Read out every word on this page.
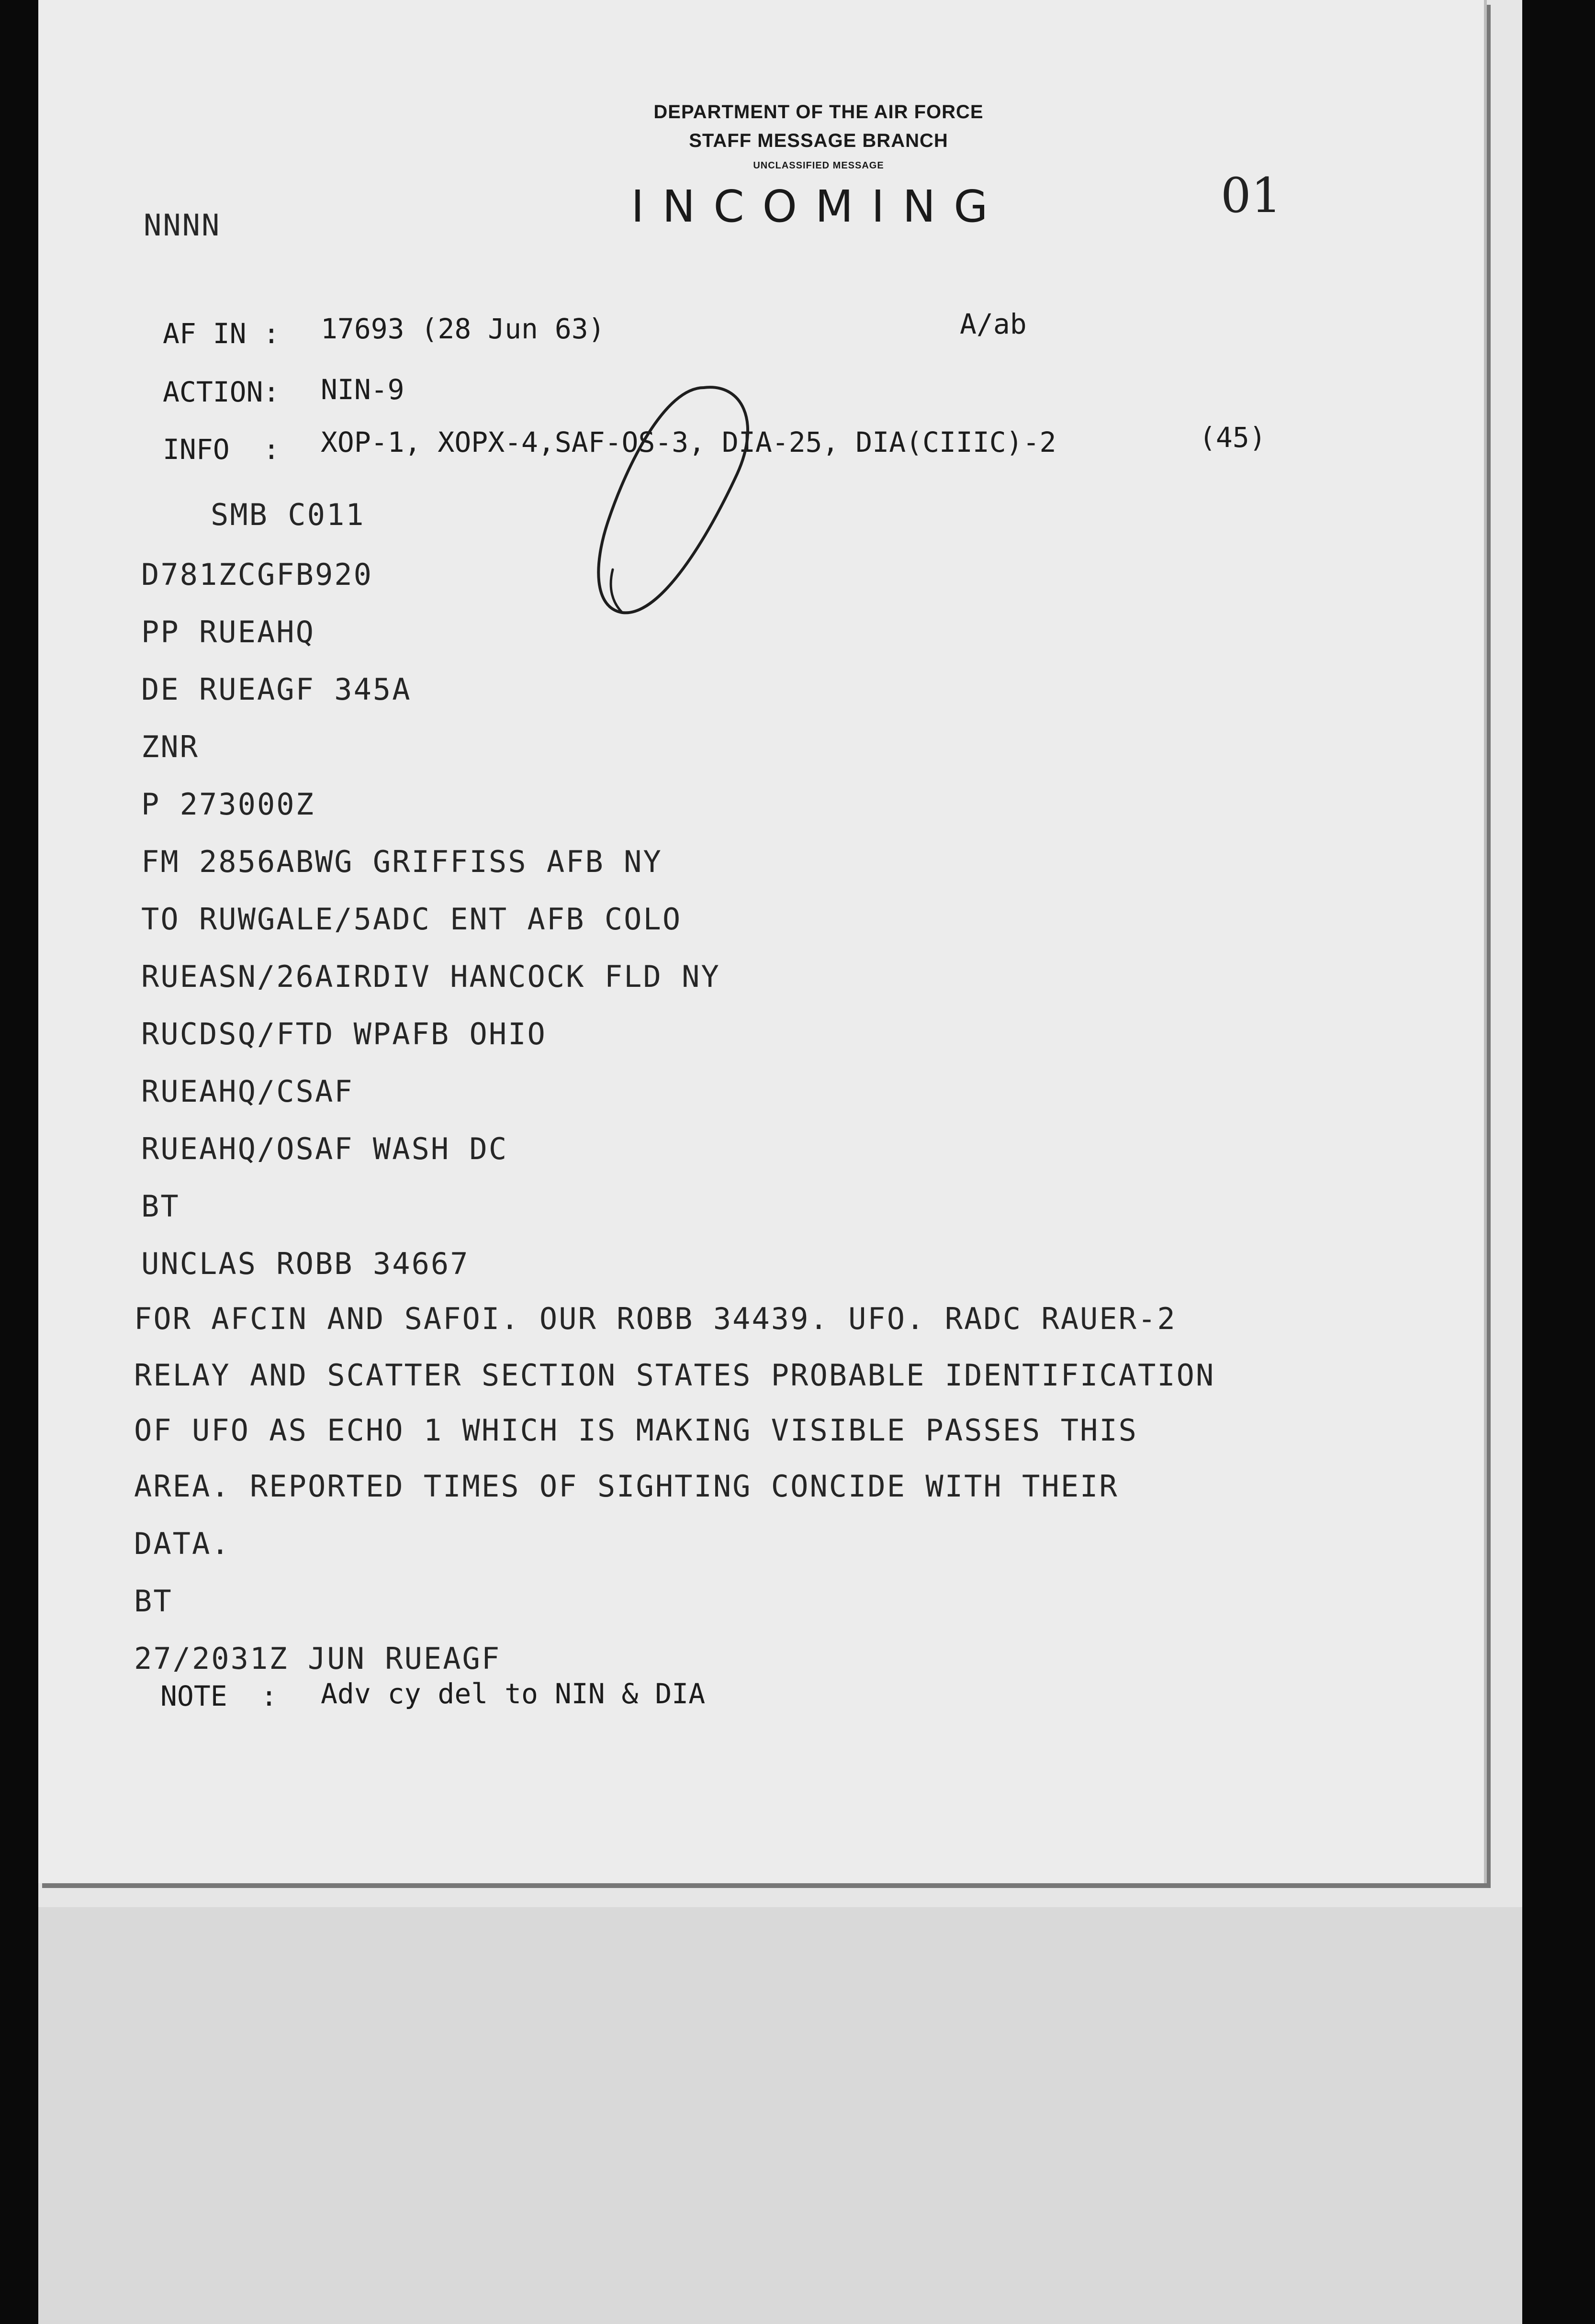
DEPARTMENT OF THE AIR FORCE
STAFF MESSAGE BRANCH
UNCLASSIFIED MESSAGE
INCOMING
NNNN
01
AF IN : 17693 (28 Jun 63)	A/ab
ACTION: NIN-9
INFO  : XOP-1, XOPX-4,SAF-OS-3, DIA-25, DIA(CIIIC)-2	(45)
SMB C011
D781ZCGFB920
PP RUEAHQ
DE RUEAGF 345A
ZNR
P 273000Z
FM 2856ABWG GRIFFISS AFB NY
TO RUWGALE/5ADC ENT AFB COLO
RUEASN/26AIRDIV HANCOCK FLD NY
RUCDSQ/FTD WPAFB OHIO
RUEAHQ/CSAF
RUEAHQ/OSAF WASH DC
BT
UNCLAS ROBB 34667
FOR AFCIN AND SAFOI. OUR ROBB 34439. UFO. RADC RAUER-2
RELAY AND SCATTER SECTION STATES PROBABLE IDENTIFICATION
OF UFO AS ECHO 1 WHICH IS MAKING VISIBLE PASSES THIS
AREA. REPORTED TIMES OF SIGHTING CONCIDE WITH THEIR
DATA.
BT
27/2031Z JUN RUEAGF
NOTE  : Adv cy del to NIN & DIA
